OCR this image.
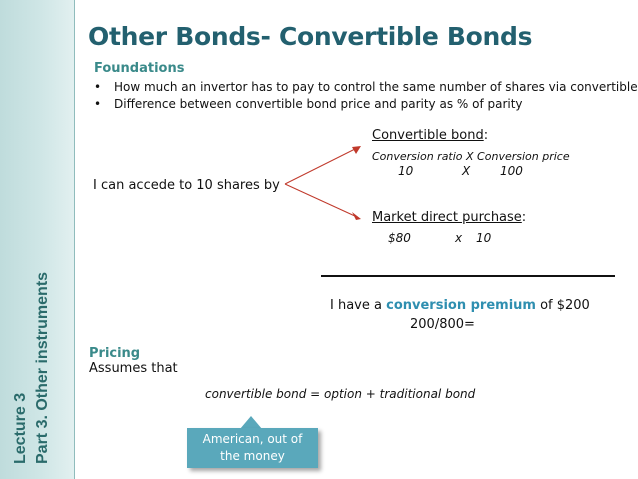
Lecture 3 Part 3. Other instruments
Other Bonds- Convertible Bonds
Foundations
• How much an invertor has to pay to control the same number of shares via convertible
• Difference between convertible bond price and parity as % of parity
I can accede to 10 shares by
Convertible bond:
Conversion ratio X Conversion price
10	X 100
Market direct purchase:
$80	x 10
I have a conversion premium of $200
200/800=
Pricing
Assumes that
convertible bond = option + traditional bond
American, out of
the money
